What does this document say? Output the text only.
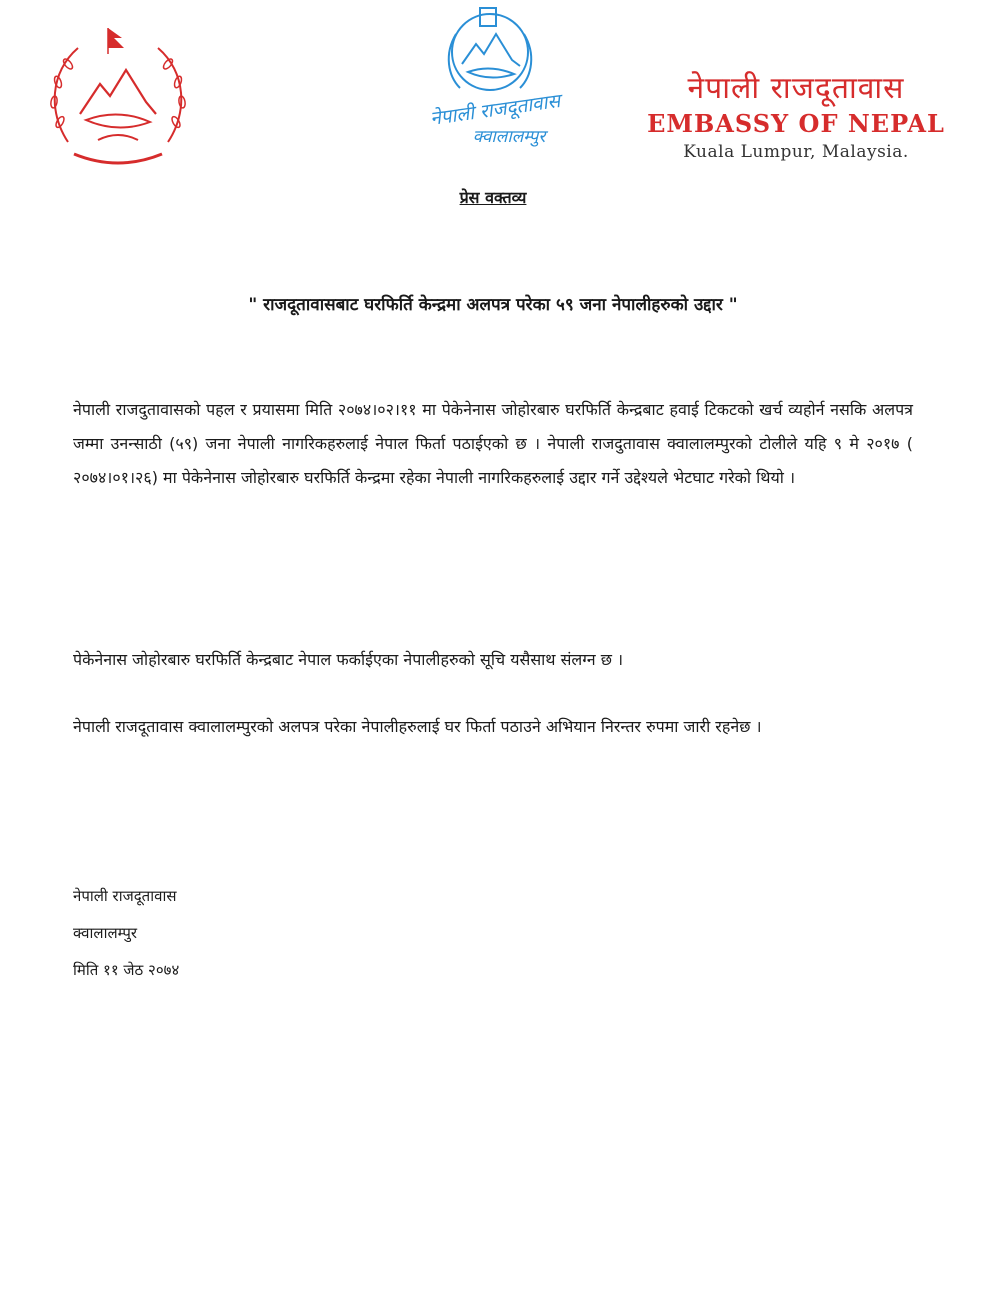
नेपाली राजदूतावास
क्वालालम्पुर
नेपाली राजदूतावास
EMBASSY OF NEPAL
Kuala Lumpur, Malaysia.
प्रेस वक्तव्य
" राजदूतावासबाट घरफिर्ति केन्द्रमा अलपत्र परेका ५९ जना नेपालीहरुको उद्दार "
नेपाली राजदुतावासको पहल र प्रयासमा मिति २०७४।०२।११ मा पेकेनेनास जोहोरबारु घरफिर्ति केन्द्रबाट हवाई टिकटको खर्च व्यहोर्न नसकि अलपत्र जम्मा उनन्साठी (५९) जना नेपाली नागरिकहरुलाई नेपाल फिर्ता पठाईएको छ । नेपाली राजदुतावास क्वालालम्पुरको टोलीले यहि ९ मे २०१७ ( २०७४।०१।२६) मा पेकेनेनास जोहोरबारु घरफिर्ति केन्द्रमा रहेका नेपाली नागरिकहरुलाई उद्दार गर्ने उद्देश्यले भेटघाट गरेको थियो ।
पेकेनेनास जोहोरबारु घरफिर्ति केन्द्रबाट नेपाल फर्काईएका नेपालीहरुको सूचि यसैसाथ संलग्न छ ।
नेपाली राजदूतावास क्वालालम्पुरको अलपत्र परेका नेपालीहरुलाई घर फिर्ता पठाउने अभियान निरन्तर रुपमा जारी रहनेछ ।
नेपाली राजदूतावास
क्वालालम्पुर
मिति ११ जेठ २०७४
